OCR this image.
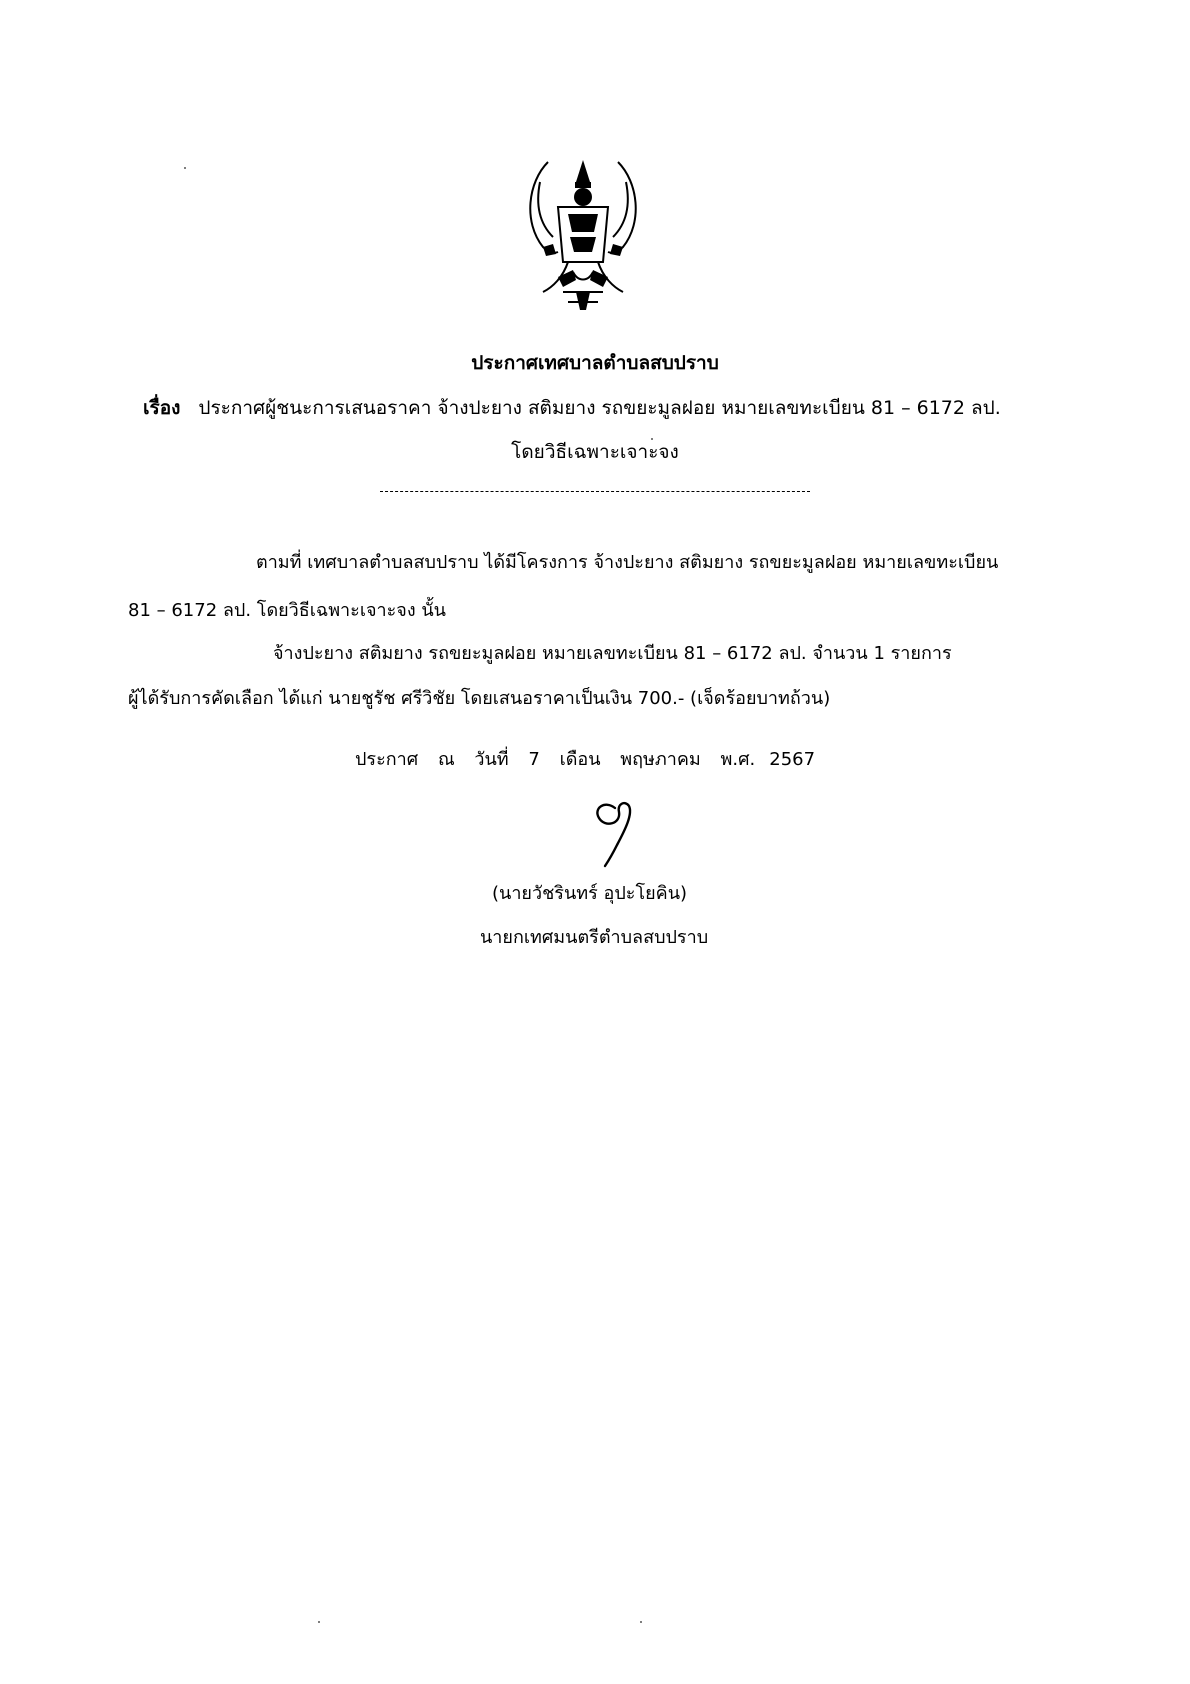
ประกาศเทศบาลตำบลสบปราบ
เรื่อง ประกาศผู้ชนะการเสนอราคา จ้างปะยาง สติมยาง รถขยะมูลฝอย หมายเลขทะเบียน 81 – 6172 ลป.
โดยวิธีเฉพาะเจาะจง
ตามที่ เทศบาลตำบลสบปราบ ได้มีโครงการ จ้างปะยาง สติมยาง รถขยะมูลฝอย หมายเลขทะเบียน
81 – 6172 ลป. โดยวิธีเฉพาะเจาะจง นั้น
จ้างปะยาง สติมยาง รถขยะมูลฝอย หมายเลขทะเบียน 81 – 6172 ลป. จำนวน 1 รายการ
ผู้ได้รับการคัดเลือก ได้แก่ นายชูรัช ศรีวิชัย โดยเสนอราคาเป็นเงิน 700.- (เจ็ดร้อยบาทถ้วน)
ประกาศ ณ วันที่ 7 เดือน พฤษภาคม พ.ศ. 2567
(นายวัชรินทร์ อุปะโยคิน)
นายกเทศมนตรีตำบลสบปราบ
